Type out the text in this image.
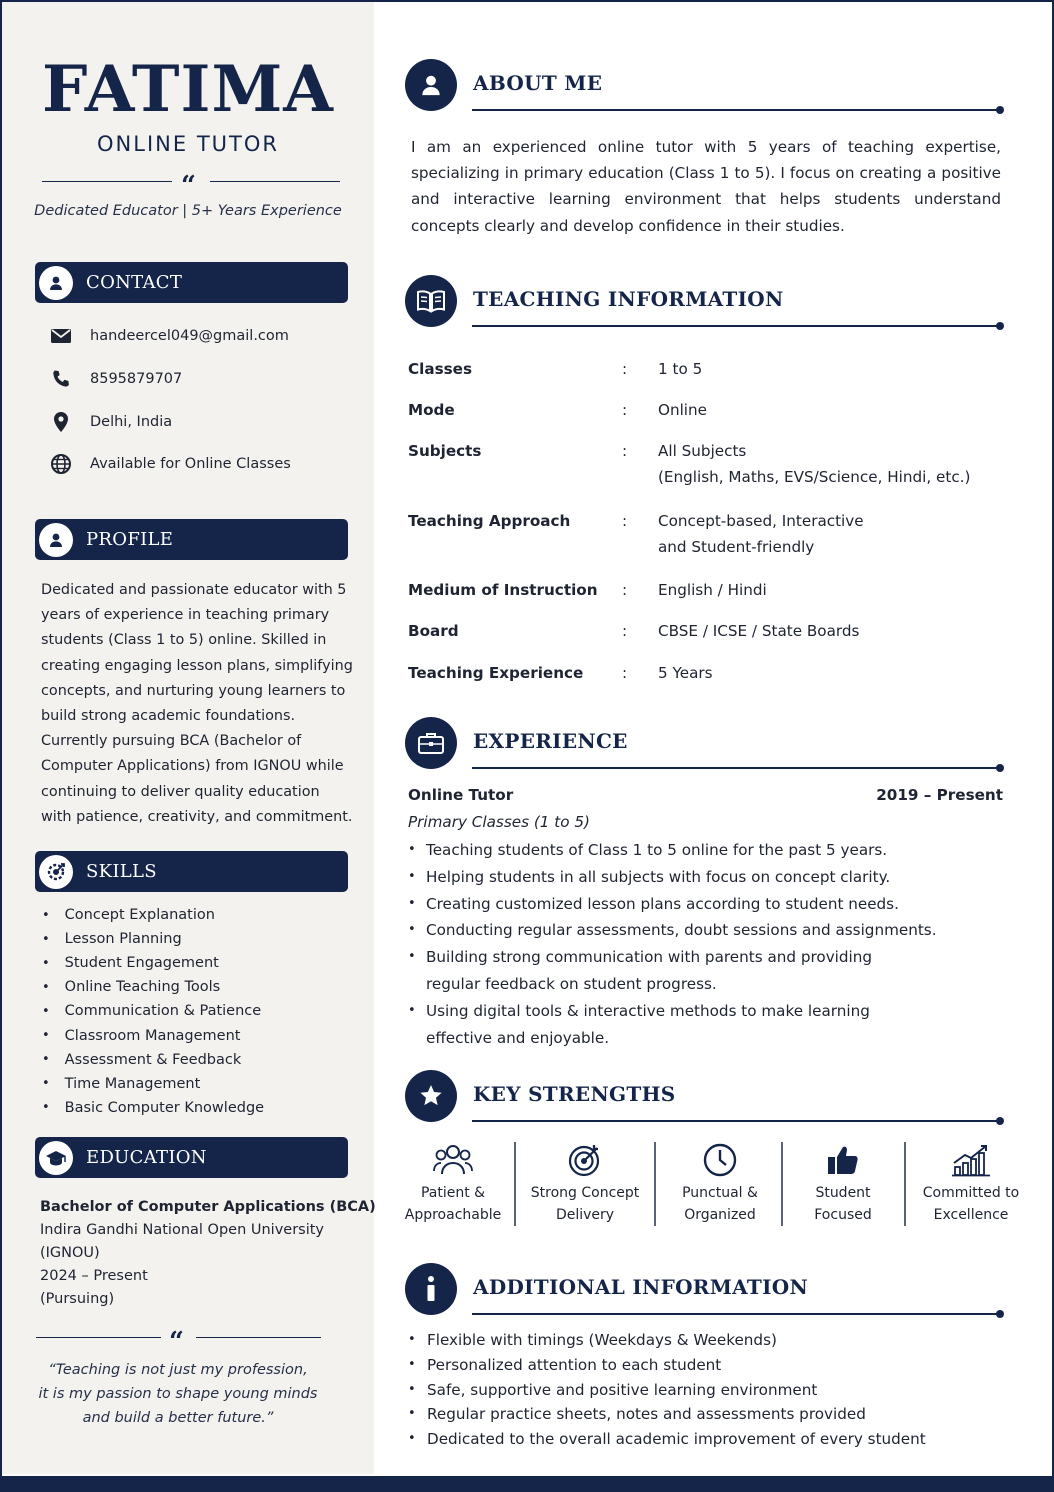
FATIMA
ONLINE TUTOR
“
Dedicated Educator | 5+ Years Experience
CONTACT
handeercel049@gmail.com
8595879707
Delhi, India
Available for Online Classes
PROFILE
Dedicated and passionate educator with 5 years of experience in teaching primary students (Class 1 to 5) online. Skilled in creating engaging lesson plans, simplifying concepts, and nurturing young learners to build strong academic foundations. Currently pursuing BCA (Bachelor of Computer Applications) from IGNOU while continuing to deliver quality education with patience, creativity, and commitment.
SKILLS
• Concept Explanation
• Lesson Planning
• Student Engagement
• Online Teaching Tools
• Communication & Patience
• Classroom Management
• Assessment & Feedback
• Time Management
• Basic Computer Knowledge
EDUCATION
Bachelor of Computer Applications (BCA)
Indira Gandhi National Open University
(IGNOU)
2024 – Present
(Pursuing)
“
“Teaching is not just my profession,
it is my passion to shape young minds
and build a better future.”
ABOUT ME
I am an experienced online tutor with 5 years of teaching expertise, specializing in primary education (Class 1 to 5). I focus on creating a positive and interactive learning environment that helps students understand concepts clearly and develop confidence in their studies.
TEACHING INFORMATION
Classes	:	1 to 5
Mode	:	Online
Subjects	:	All Subjects
(English, Maths, EVS/Science, Hindi, etc.)
Teaching Approach	:	Concept-based, Interactive
and Student-friendly
Medium of Instruction	:	English / Hindi
Board	:	CBSE / ICSE / State Boards
Teaching Experience	:	5 Years
EXPERIENCE
Online Tutor	2019 – Present
Primary Classes (1 to 5)
• Teaching students of Class 1 to 5 online for the past 5 years.
• Helping students in all subjects with focus on concept clarity.
• Creating customized lesson plans according to student needs.
• Conducting regular assessments, doubt sessions and assignments.
• Building strong communication with parents and providing regular feedback on student progress.
• Using digital tools & interactive methods to make learning effective and enjoyable.
KEY STRENGTHS
Patient &
Approachable
Strong Concept
Delivery
Punctual &
Organized
Student
Focused
Committed to
Excellence
ADDITIONAL INFORMATION
• Flexible with timings (Weekdays & Weekends)
• Personalized attention to each student
• Safe, supportive and positive learning environment
• Regular practice sheets, notes and assessments provided
• Dedicated to the overall academic improvement of every student
